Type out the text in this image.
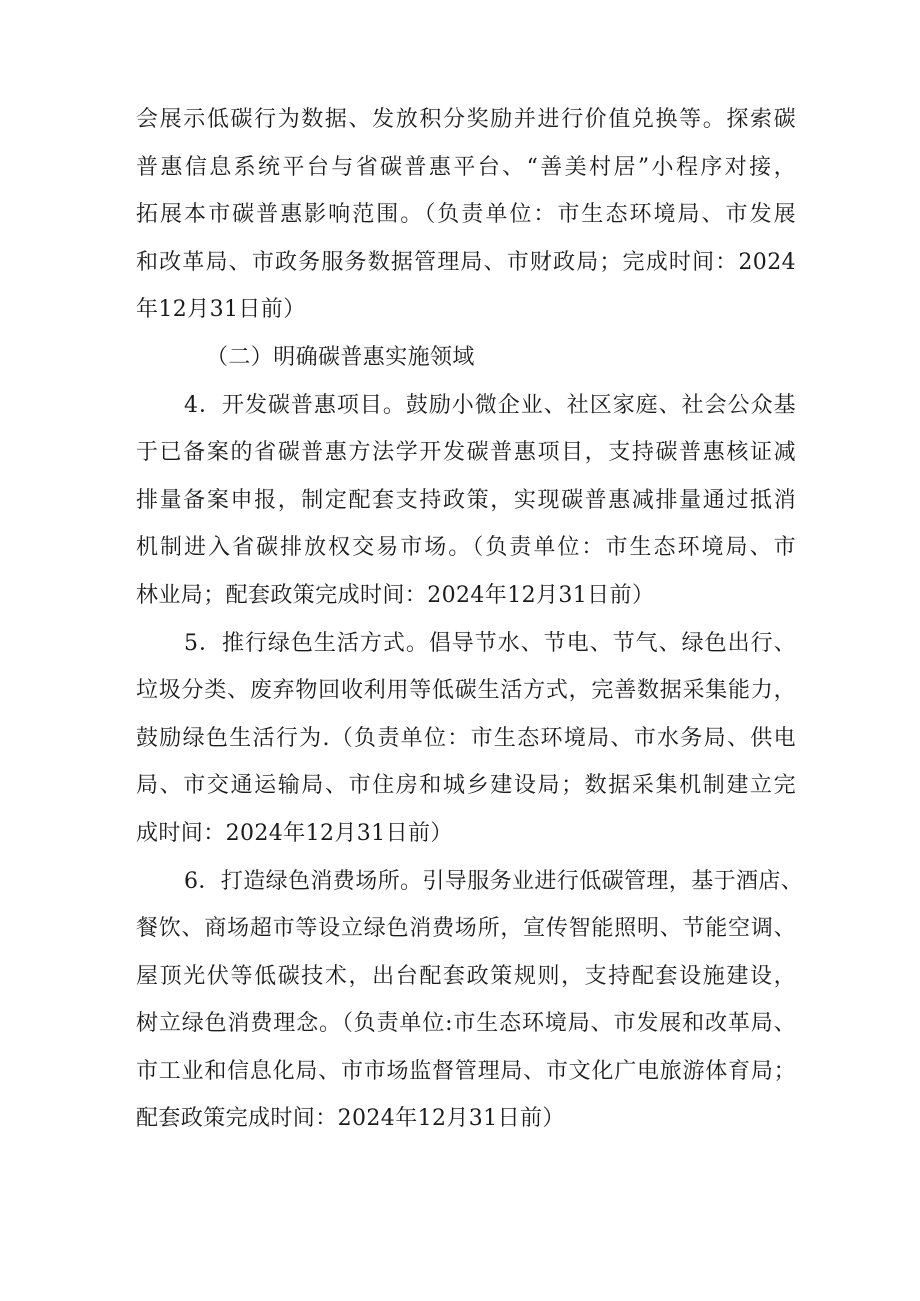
会展示低碳行为数据、发放积分奖励并进行价值兑换等。探索碳
普惠信息系统平台与省碳普惠平台、“善美村居”小程序对接，
拓展本市碳普惠影响范围。（负责单位：市生态环境局、市发展
和改革局、市政务服务数据管理局、市财政局；完成时间：2024
年12月31日前）
（二）明确碳普惠实施领域
4．开发碳普惠项目。鼓励小微企业、社区家庭、社会公众基
于已备案的省碳普惠方法学开发碳普惠项目，支持碳普惠核证减
排量备案申报，制定配套支持政策，实现碳普惠减排量通过抵消
机制进入省碳排放权交易市场。（负责单位：市生态环境局、市
林业局；配套政策完成时间：2024年12月31日前）
5．推行绿色生活方式。倡导节水、节电、节气、绿色出行、
垃圾分类、废弃物回收利用等低碳生活方式，完善数据采集能力，
鼓励绿色生活行为.（负责单位：市生态环境局、市水务局、供电
局、市交通运输局、市住房和城乡建设局；数据采集机制建立完
成时间：2024年12月31日前）
6．打造绿色消费场所。引导服务业进行低碳管理，基于酒店、
餐饮、商场超市等设立绿色消费场所，宣传智能照明、节能空调、
屋顶光伏等低碳技术，出台配套政策规则，支持配套设施建设，
树立绿色消费理念。（负责单位:市生态环境局、市发展和改革局、
市工业和信息化局、市市场监督管理局、市文化广电旅游体育局；
配套政策完成时间：2024年12月31日前）
